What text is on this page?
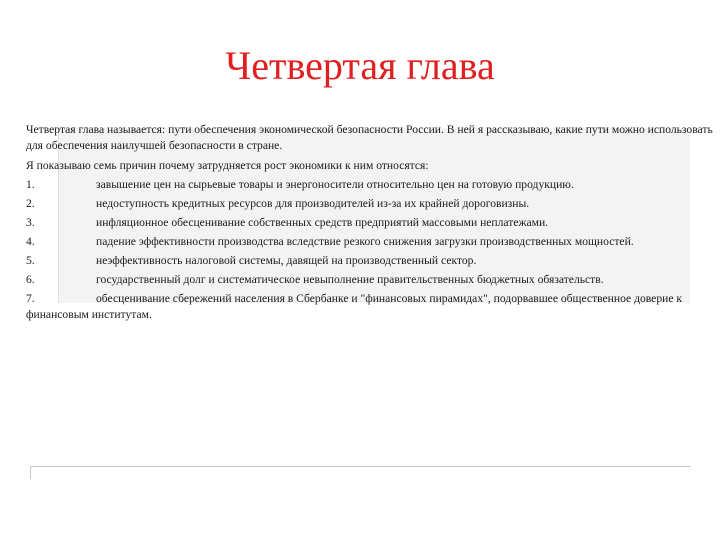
Четвертая глава

Четвертая глава называется: пути обеспечения экономической безопасности России. В ней я рассказываю, какие пути можно использовать для обеспечения наилучшей безопасности в стране.

Я показываю семь причин почему затрудняется рост экономики к ним относятся:

1.	завышение цен на сырьевые товары и энергоносители относительно цен на готовую продукцию.
2.	недоступность кредитных ресурсов для производителей из-за их крайней дороговизны.
3.	инфляционное обесценивание собственных средств предприятий массовыми неплатежами.
4.	падение эффективности производства вследствие резкого снижения загрузки производственных мощностей.
5.	неэффективность налоговой системы, давящей на производственный сектор.
6.	государственный долг и систематическое невыполнение правительственных бюджетных обязательств.
7.	обесценивание сбережений населения в Сбербанке и "финансовых пирамидах", подорвавшее общественное доверие к финансовым институтам.
